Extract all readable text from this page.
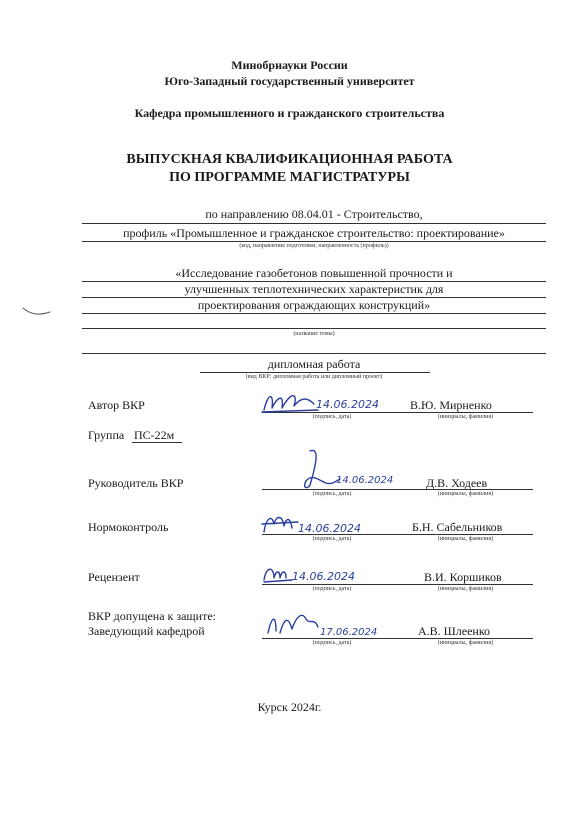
Минобрнауки России
Юго-Западный государственный университет
Кафедра промышленного и гражданского строительства
ВЫПУСКНАЯ КВАЛИФИКАЦИОННАЯ РАБОТА
ПО ПРОГРАММЕ МАГИСТРАТУРЫ
по направлению 08.04.01 - Строительство,
профиль «Промышленное и гражданское строительство: проектирование»
(код, направление подготовки, направленность (профиль))
«Исследование газобетонов повышенной прочности и
улучшенных теплотехнических характеристик для
проектирования ограждающих конструкций»
(название темы)
дипломная работа
(вид ВКР: дипломная работа или дипломный проект)
Автор ВКР	14.06.2024	В.Ю. Мирненко
(подпись, дата)	(инициалы, фамилия)
Группа ПС-22м
Руководитель ВКР	14.06.2024	Д.В. Ходеев
(подпись, дата)	(инициалы, фамилия)
Нормоконтроль	14.06.2024	Б.Н. Сабельников
(подпись, дата)	(инициалы, фамилия)
Рецензент	14.06.2024	В.И. Коршиков
(подпись, дата)	(инициалы, фамилия)
ВКР допущена к защите:
Заведующий кафедрой	17.06.2024	А.В. Шлеенко
(подпись, дата)	(инициалы, фамилия)
Курск 2024г.
